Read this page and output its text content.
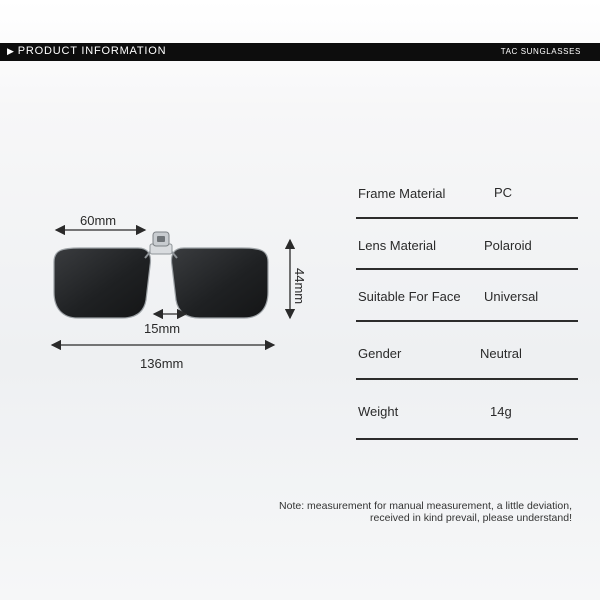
▶ PRODUCT INFORMATION	TAC SUNGLASSES
60mm
44mm
15mm
136mm
Frame Material	PC
Lens Material	Polaroid
Suitable For Face Universal
Gender	Neutral
Weight	14g
Note: measurement for manual measurement, a little deviation,
received in kind prevail, please understand!
